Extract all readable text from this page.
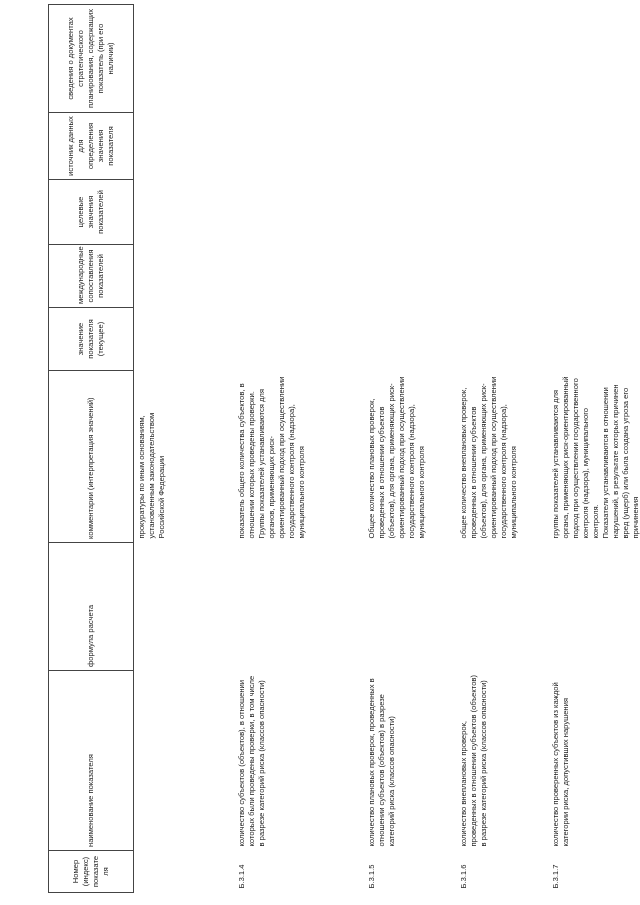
Номер (индекс) показате ля	наименование показателя	формула расчета	комментарии (интерпретация значений)	значение показателя (текущее)	международные сопоставления показателей	целевые значения показателей	источник данных для определения значения показателя	сведения о документах стратегического планирования, содержащих показатель (при его наличии)
			прокуратуры по иным основаниям, установленным законодательством Российской Федерации					
Б.3.1.4	количество субъектов (объектов), в отношении которых были проведены проверки, в том числе в разрезе категорий риска (классов опасности)		показатель общего количества субъектов, в отношении которых проведены проверки.
Группы показателей устанавливаются для органов, применяющих риск-ориентированный подход при осуществлении государственного контроля (надзора), муниципального контроля					
Б.3.1.5	количество плановых проверок, проведенных в отношении субъектов (объектов) в разрезе категорий риска (классов опасности)		Общее количество плановых проверок, проведенных в отношении субъектов (объектов), для органа, применяющих риск-ориентированный подход при осуществлении государственного контроля (надзора), муниципального контроля					
Б.3.1.6	количество внеплановых проверок, проведенных в отношении субъектов (объектов) в разрезе категорий риска (классов опасности)		общее количество внеплановых проверок, проведенных в отношении субъектов (объектов), для органа, применяющих риск-ориентированный подход при осуществлении государственного контроля (надзора), муниципального контроля					
Б.3.1.7	количество проверенных субъектов из каждой категории риска, допустивших нарушения		группы показателей устанавливаются для органа, применяющих риск-ориентированный подход при осуществлении государственного контроля (надзора), муниципального контроля.
Показатели устанавливаются в отношении нарушений, в результате которых причинен вред (ущерб) или была создана угроза его причинения					
